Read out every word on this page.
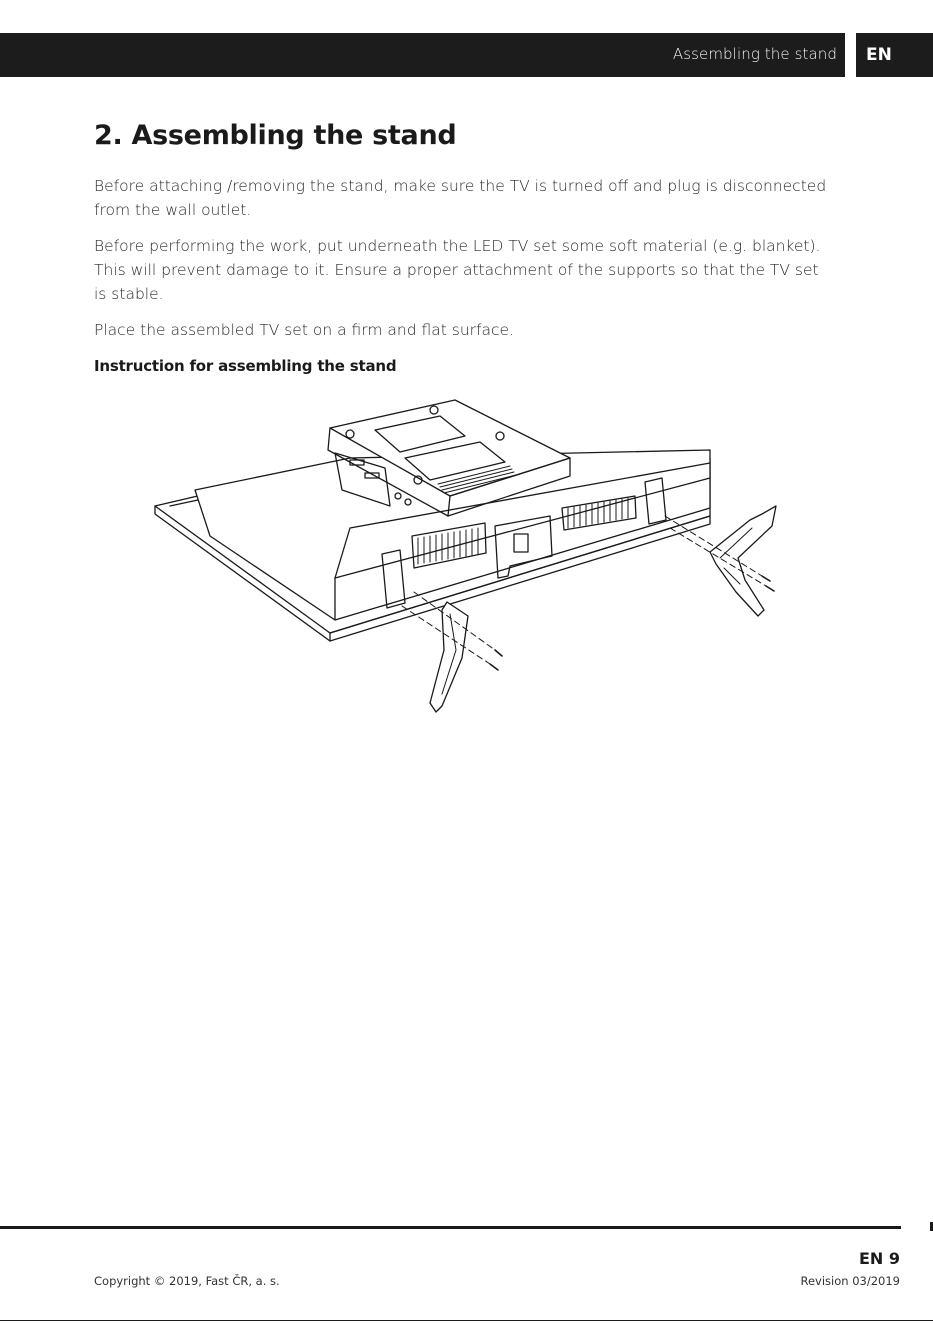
Assembling the stand EN
2. Assembling the stand

Before attaching /removing the stand, make sure the TV is turned off and plug is disconnected from the wall outlet.

Before performing the work, put underneath the LED TV set some soft material (e.g. blanket). This will prevent damage to it. Ensure a proper attachment of the supports so that the TV set is stable.

Place the assembled TV set on a firm and flat surface.

Instruction for assembling the stand
EN 9
Copyright © 2019, Fast ČR, a. s.	Revision 03/2019
